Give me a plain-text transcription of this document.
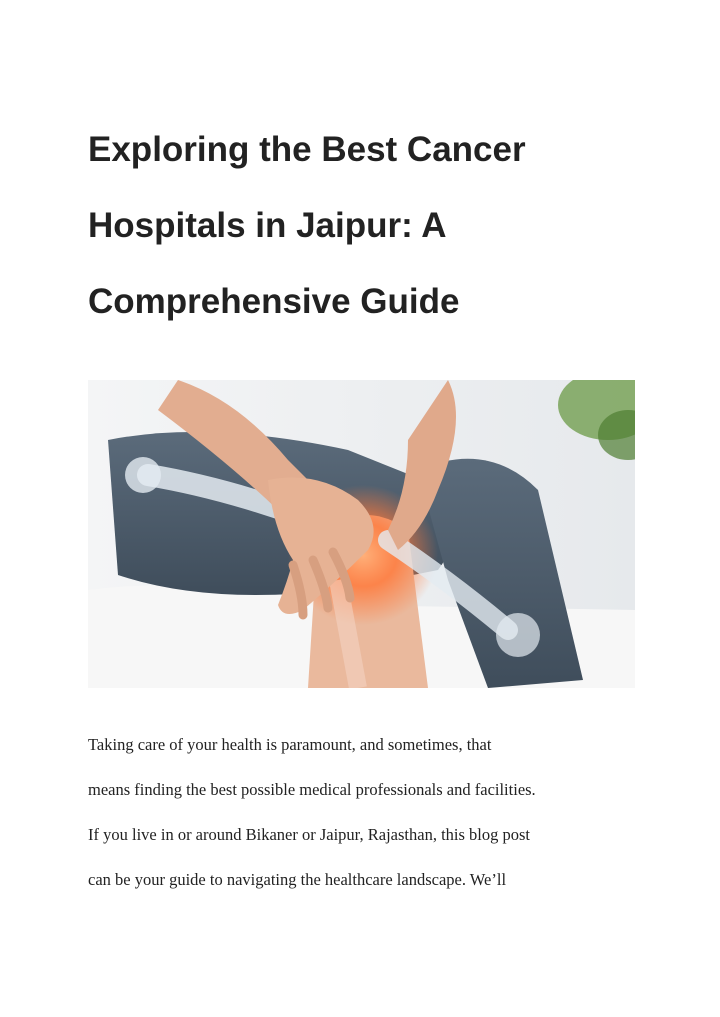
Exploring the Best Cancer
Hospitals in Jaipur: A
Comprehensive Guide

Taking care of your health is paramount, and sometimes, that
means finding the best possible medical professionals and facilities.
If you live in or around Bikaner or Jaipur, Rajasthan, this blog post
can be your guide to navigating the healthcare landscape. We’ll
